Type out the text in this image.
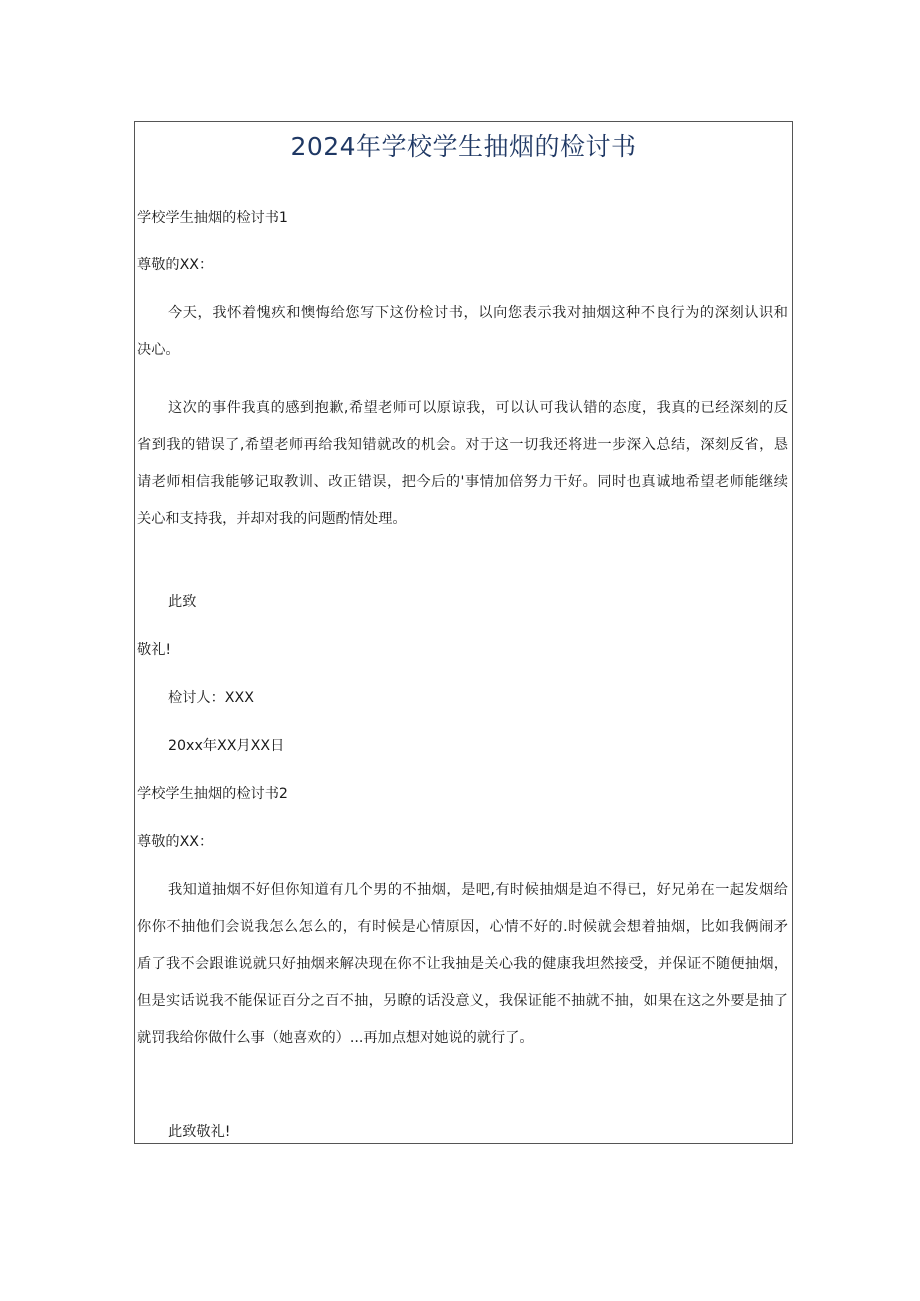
2024年学校学生抽烟的检讨书

学校学生抽烟的检讨书1

尊敬的XX：

今天，我怀着愧疚和懊悔给您写下这份检讨书，以向您表示我对抽烟这种不良行为的深刻认识和
决心。
这次的事件我真的感到抱歉,希望老师可以原谅我，可以认可我认错的态度，我真的已经深刻的反
省到我的错误了,希望老师再给我知错就改的机会。对于这一切我还将进一步深入总结，深刻反省，恳
请老师相信我能够记取教训、改正错误，把今后的'事情加倍努力干好。同时也真诚地希望老师能继续
关心和支持我，并却对我的问题酌情处理。

此致

敬礼!

检讨人：XXX

20xx年XX月XX日

学校学生抽烟的检讨书2

尊敬的XX：

我知道抽烟不好但你知道有几个男的不抽烟，是吧,有时候抽烟是迫不得已，好兄弟在一起发烟给
你你不抽他们会说我怎么怎么的，有时候是心情原因，心情不好的.时候就会想着抽烟，比如我俩闹矛
盾了我不会跟谁说就只好抽烟来解决现在你不让我抽是关心我的健康我坦然接受，并保证不随便抽烟，
但是实话说我不能保证百分之百不抽，另瞭的话没意义，我保证能不抽就不抽，如果在这之外要是抽了
就罚我给你做什么事（她喜欢的）...再加点想对她说的就行了。

此致敬礼!
